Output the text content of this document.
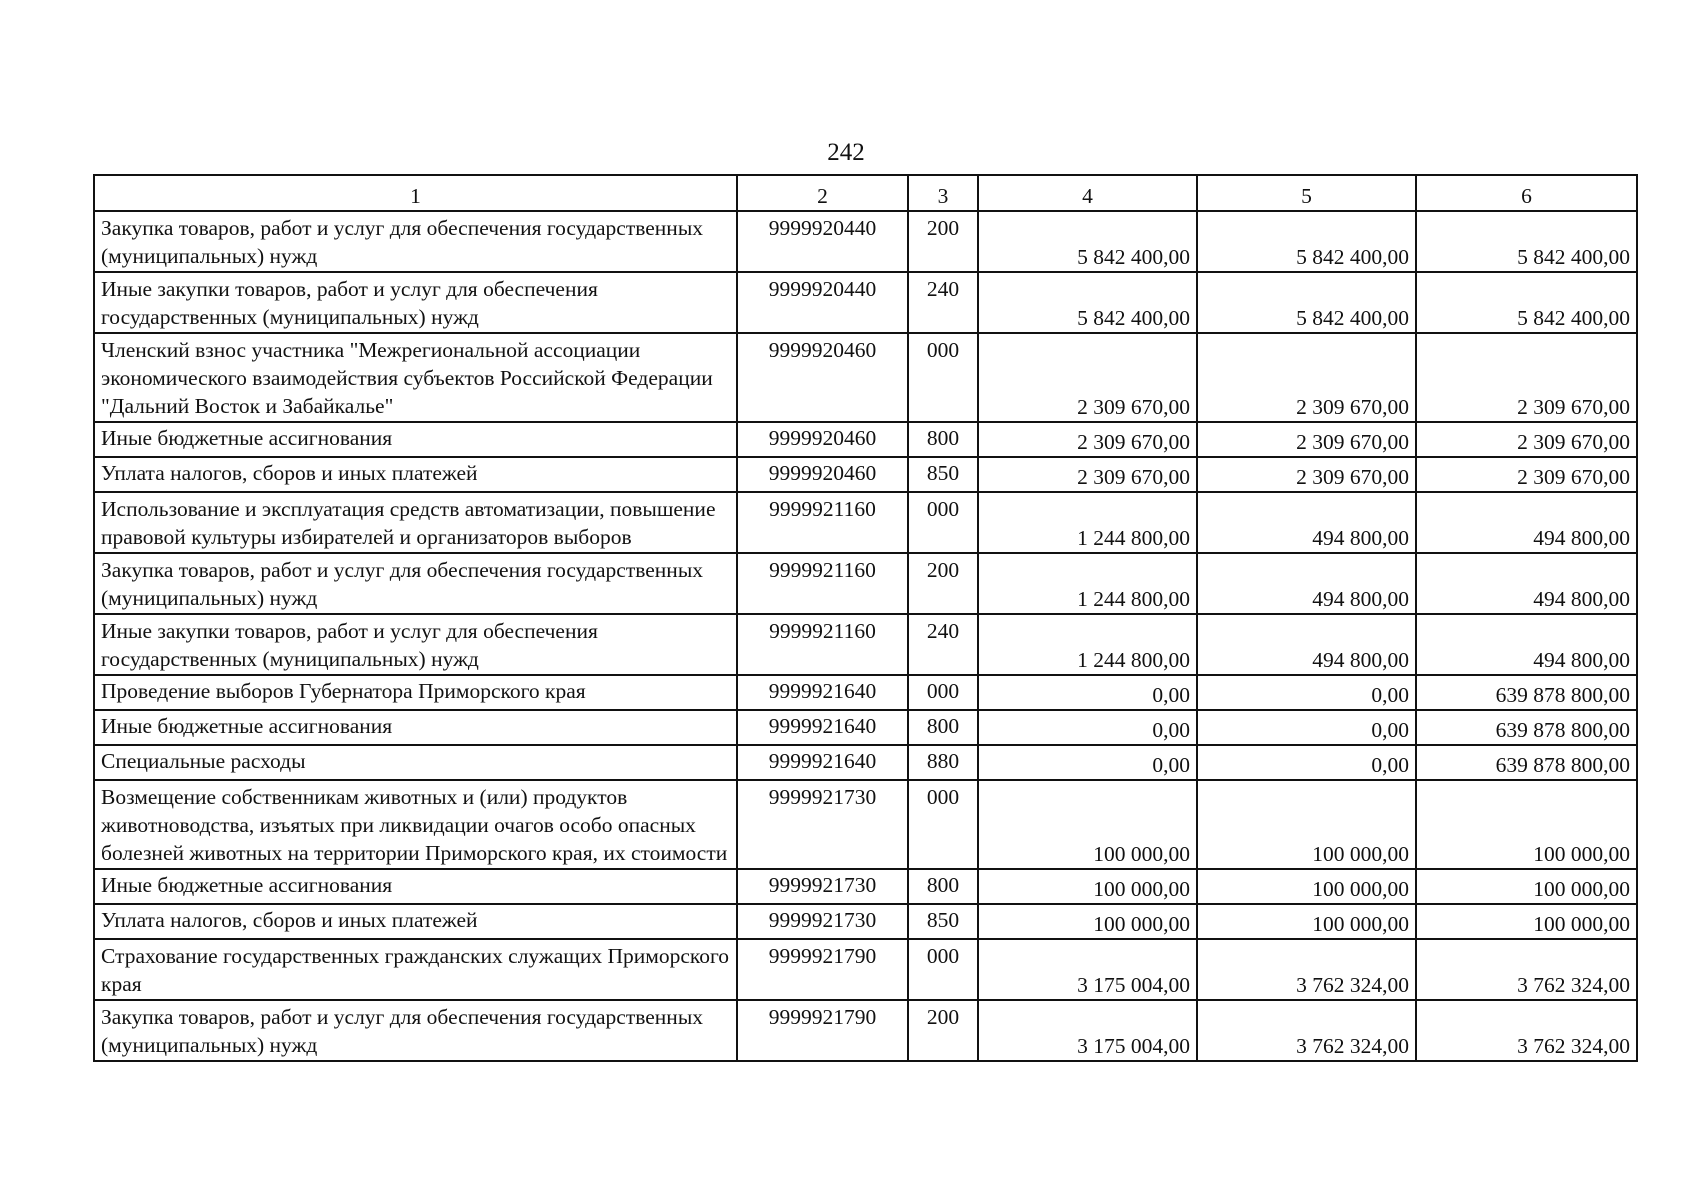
242
1	2	3	4	5	6
Закупка товаров, работ и услуг для обеспечения государственных (муниципальных) нужд	9999920440	200	5 842 400,00	5 842 400,00	5 842 400,00
Иные закупки товаров, работ и услуг для обеспечения государственных (муниципальных) нужд	9999920440	240	5 842 400,00	5 842 400,00	5 842 400,00
Членский взнос участника "Межрегиональной ассоциации экономического взаимодействия субъектов Российской Федерации "Дальний Восток и Забайкалье"	9999920460	000	2 309 670,00	2 309 670,00	2 309 670,00
Иные бюджетные ассигнования	9999920460	800	2 309 670,00	2 309 670,00	2 309 670,00
Уплата налогов, сборов и иных платежей	9999920460	850	2 309 670,00	2 309 670,00	2 309 670,00
Использование и эксплуатация средств автоматизации, повышение правовой культуры избирателей и организаторов выборов	9999921160	000	1 244 800,00	494 800,00	494 800,00
Закупка товаров, работ и услуг для обеспечения государственных (муниципальных) нужд	9999921160	200	1 244 800,00	494 800,00	494 800,00
Иные закупки товаров, работ и услуг для обеспечения государственных (муниципальных) нужд	9999921160	240	1 244 800,00	494 800,00	494 800,00
Проведение выборов Губернатора Приморского края	9999921640	000	0,00	0,00	639 878 800,00
Иные бюджетные ассигнования	9999921640	800	0,00	0,00	639 878 800,00
Специальные расходы	9999921640	880	0,00	0,00	639 878 800,00
Возмещение собственникам животных и (или) продуктов животноводства, изъятых при ликвидации очагов особо опасных болезней животных на территории Приморского края, их стоимости	9999921730	000	100 000,00	100 000,00	100 000,00
Иные бюджетные ассигнования	9999921730	800	100 000,00	100 000,00	100 000,00
Уплата налогов, сборов и иных платежей	9999921730	850	100 000,00	100 000,00	100 000,00
Страхование государственных гражданских служащих Приморского края	9999921790	000	3 175 004,00	3 762 324,00	3 762 324,00
Закупка товаров, работ и услуг для обеспечения государственных (муниципальных) нужд	9999921790	200	3 175 004,00	3 762 324,00	3 762 324,00
